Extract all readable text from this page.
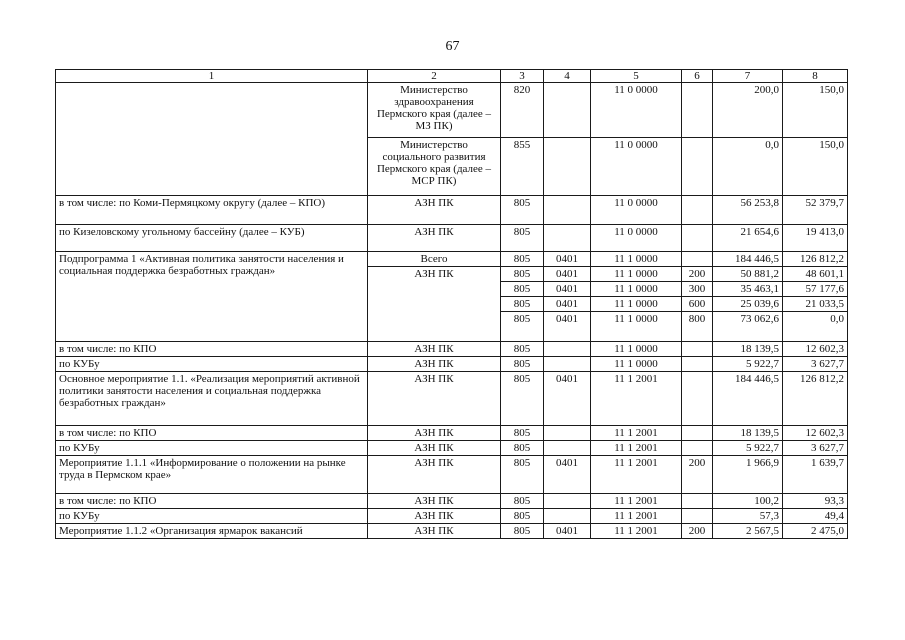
67
1	2	3	4	5	6	7	8
	Министерство здравоохранения Пермского края (далее – МЗ ПК)	820		11 0 0000		200,0	150,0
	Министерство социального развития Пермского края (далее – МСР ПК)	855		11 0 0000		0,0	150,0
в том числе: по Коми-Пермяцкому округу (далее – КПО)	АЗН ПК	805		11 0 0000		56 253,8	52 379,7
по Кизеловскому угольному бассейну (далее – КУБ)	АЗН ПК	805		11 0 0000		21 654,6	19 413,0
Подпрограмма 1 «Активная политика занятости населения и социальная поддержка безработных граждан»	Всего	805	0401	11 1 0000		184 446,5	126 812,2
	АЗН ПК	805	0401	11 1 0000	200	50 881,2	48 601,1
		805	0401	11 1 0000	300	35 463,1	57 177,6
		805	0401	11 1 0000	600	25 039,6	21 033,5
		805	0401	11 1 0000	800	73 062,6	0,0
в том числе: по КПО	АЗН ПК	805		11 1 0000		18 139,5	12 602,3
по КУБу	АЗН ПК	805		11 1 0000		5 922,7	3 627,7
Основное мероприятие 1.1. «Реализация мероприятий активной политики занятости населения и социальная поддержка безработных граждан»	АЗН ПК	805	0401	11 1 2001		184 446,5	126 812,2
в том числе: по КПО	АЗН ПК	805		11 1 2001		18 139,5	12 602,3
по КУБу	АЗН ПК	805		11 1 2001		5 922,7	3 627,7
Мероприятие 1.1.1 «Информирование о положении на рынке труда в Пермском крае»	АЗН ПК	805	0401	11 1 2001	200	1 966,9	1 639,7
в том числе: по КПО	АЗН ПК	805		11 1 2001		100,2	93,3
по КУБу	АЗН ПК	805		11 1 2001		57,3	49,4
Мероприятие 1.1.2 «Организация ярмарок вакансий	АЗН ПК	805	0401	11 1 2001	200	2 567,5	2 475,0
